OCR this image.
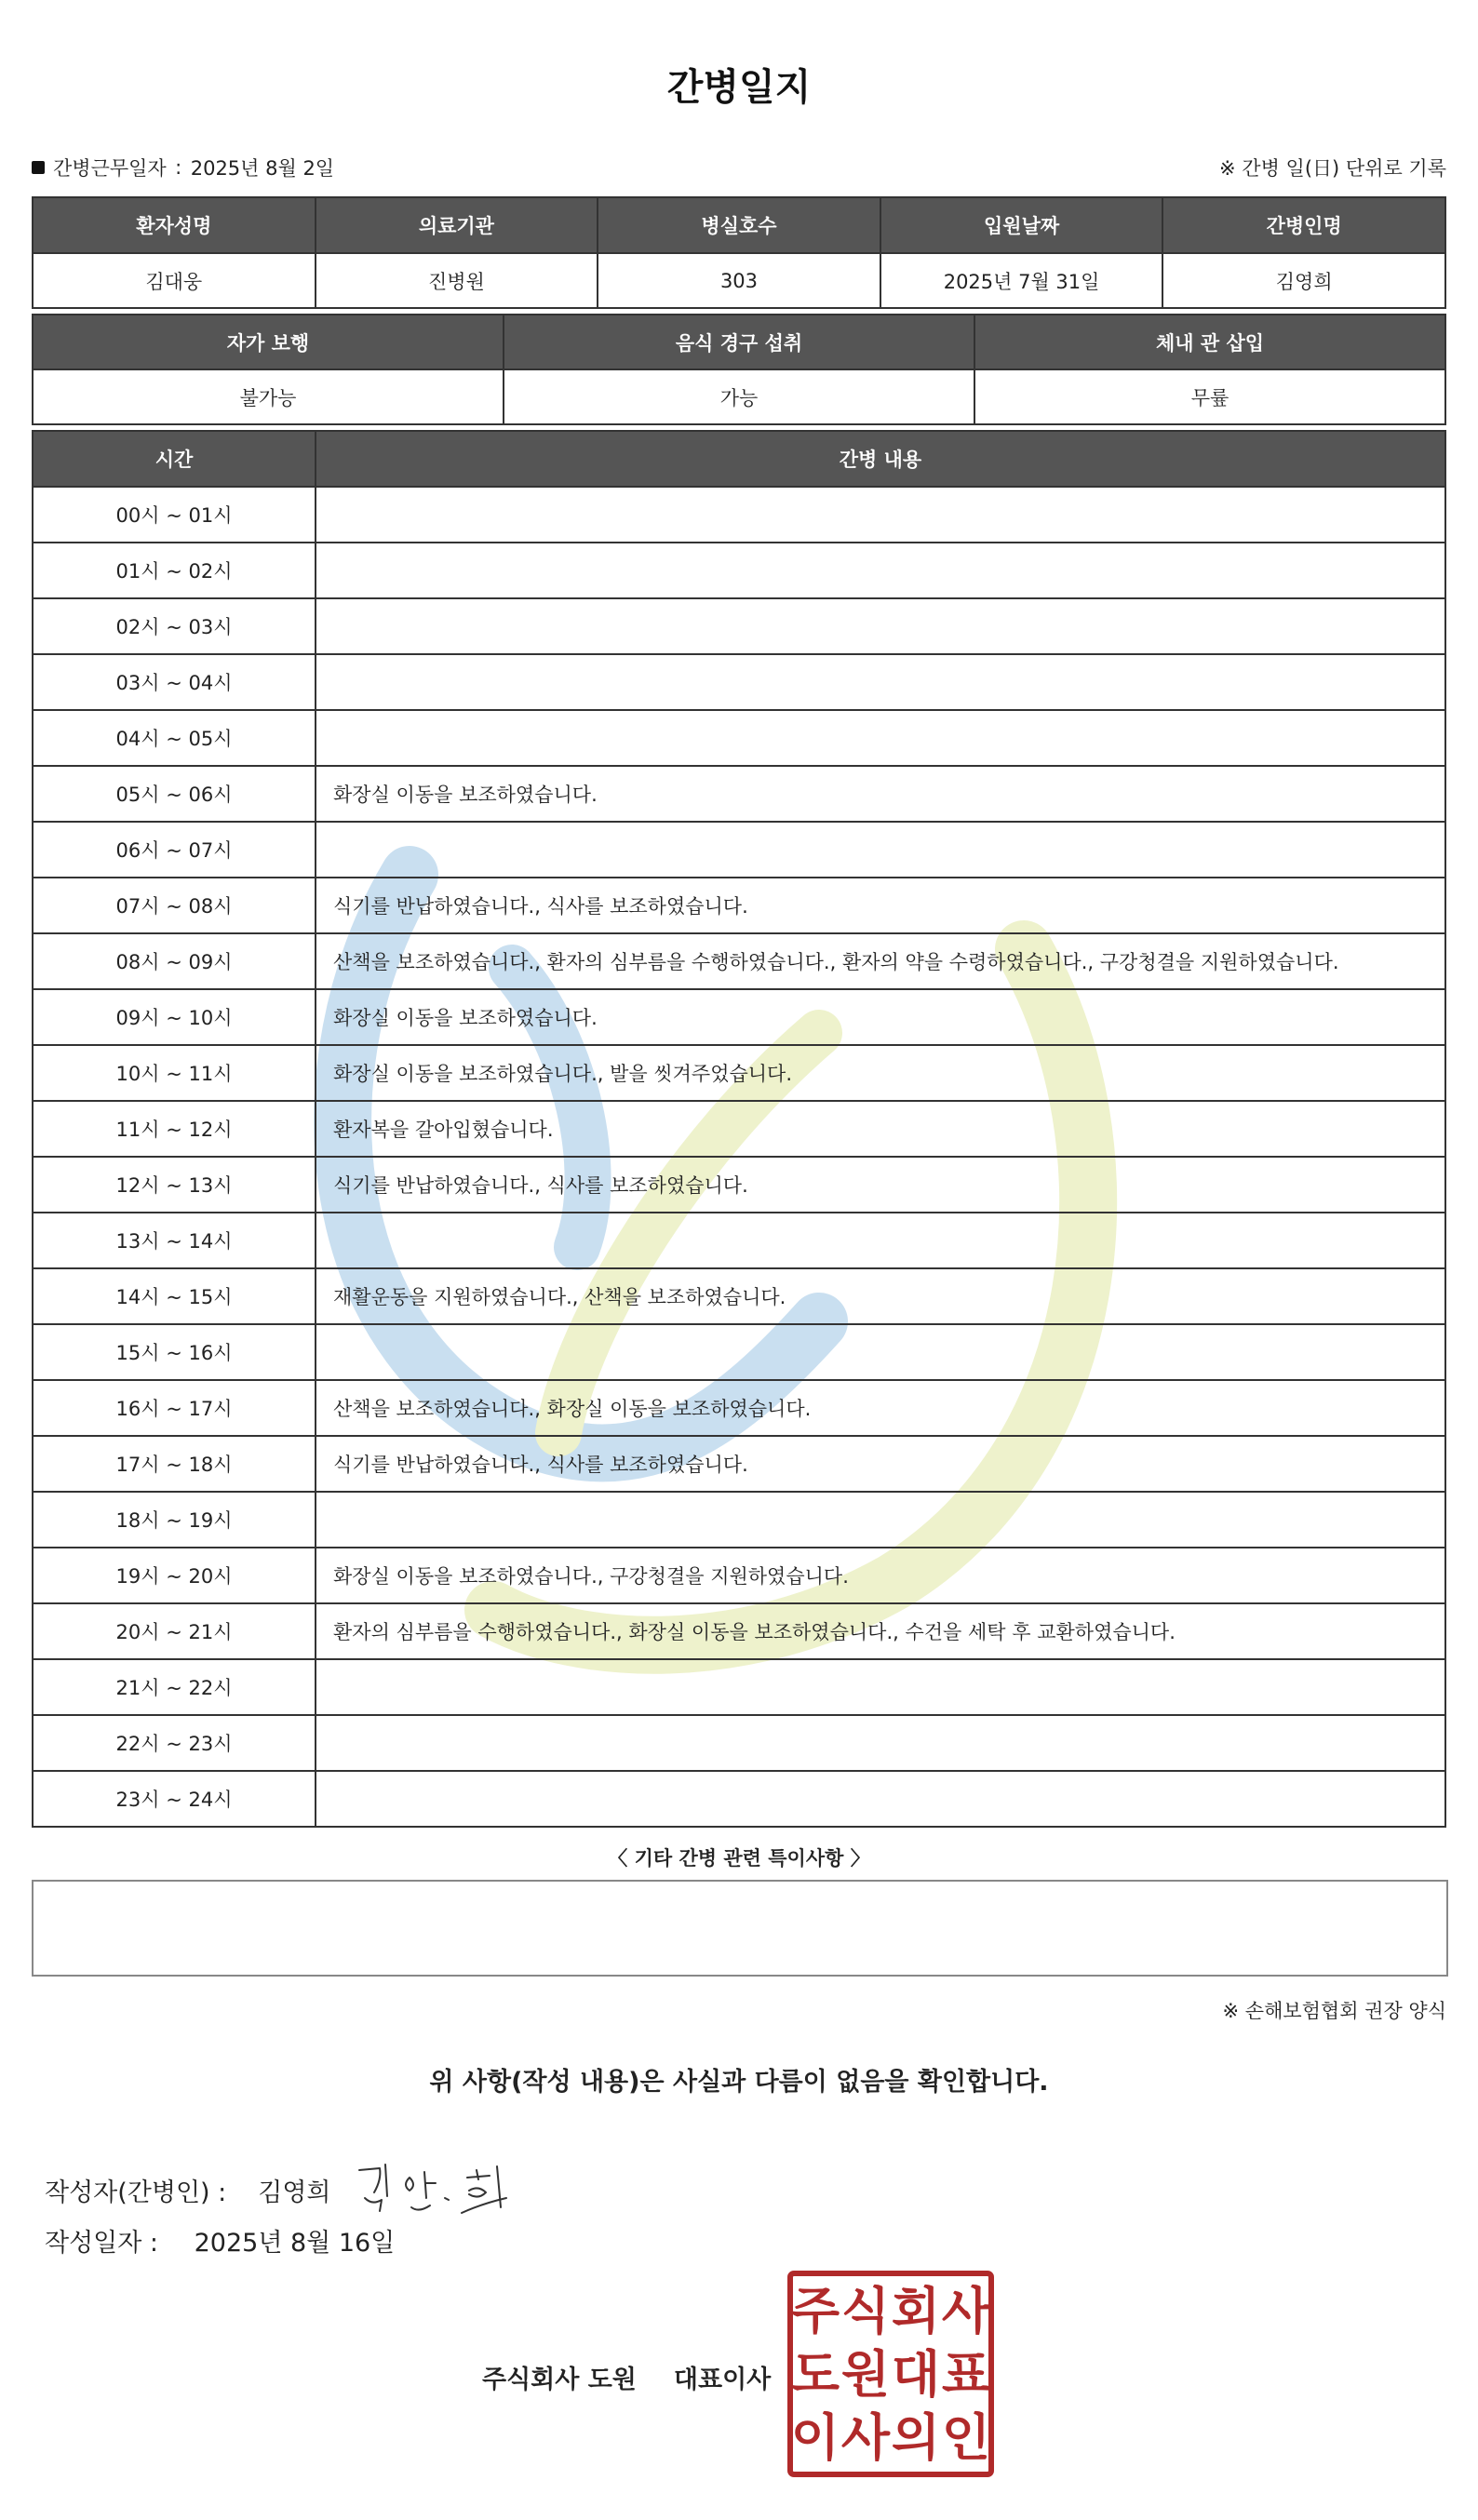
간병일지
간병근무일자 : 2025년 8월 2일	※ 간병 일(日) 단위로 기록
환자성명	의료기관	병실호수	입원날짜	간병인명
김대웅	진병원	303	2025년 7월 31일	김영희
자가 보행	음식 경구 섭취	체내 관 삽입
불가능	가능	무륲
시간	간병 내용
00시 ~ 01시	
01시 ~ 02시	
02시 ~ 03시	
03시 ~ 04시	
04시 ~ 05시	
05시 ~ 06시	화장실 이동을 보조하였습니다.
06시 ~ 07시	
07시 ~ 08시	식기를 반납하였습니다., 식사를 보조하였습니다.
08시 ~ 09시	산책을 보조하였습니다., 환자의 심부름을 수행하였습니다., 환자의 약을 수령하였습니다., 구강청결을 지원하였습니다.
09시 ~ 10시	화장실 이동을 보조하였습니다.
10시 ~ 11시	화장실 이동을 보조하였습니다., 발을 씻겨주었습니다.
11시 ~ 12시	환자복을 갈아입혔습니다.
12시 ~ 13시	식기를 반납하였습니다., 식사를 보조하였습니다.
13시 ~ 14시	
14시 ~ 15시	재활운동을 지원하였습니다., 산책을 보조하였습니다.
15시 ~ 16시	
16시 ~ 17시	산책을 보조하였습니다., 화장실 이동을 보조하였습니다.
17시 ~ 18시	식기를 반납하였습니다., 식사를 보조하였습니다.
18시 ~ 19시	
19시 ~ 20시	화장실 이동을 보조하였습니다., 구강청결을 지원하였습니다.
20시 ~ 21시	환자의 심부름을 수행하였습니다., 화장실 이동을 보조하였습니다., 수건을 세탁 후 교환하였습니다.
21시 ~ 22시	
22시 ~ 23시	
23시 ~ 24시	
〈 기타 간병 관련 특이사항 〉
※ 손해보험협회 권장 양식
위 사항(작성 내용)은 사실과 다름이 없음을 확인합니다.
작성자(간병인) : 김영희
작성일자 : 2025년 8월 16일
주식회사 도원 대표이사
주 식 회 사
도 원 대 표
이 사 의 인
